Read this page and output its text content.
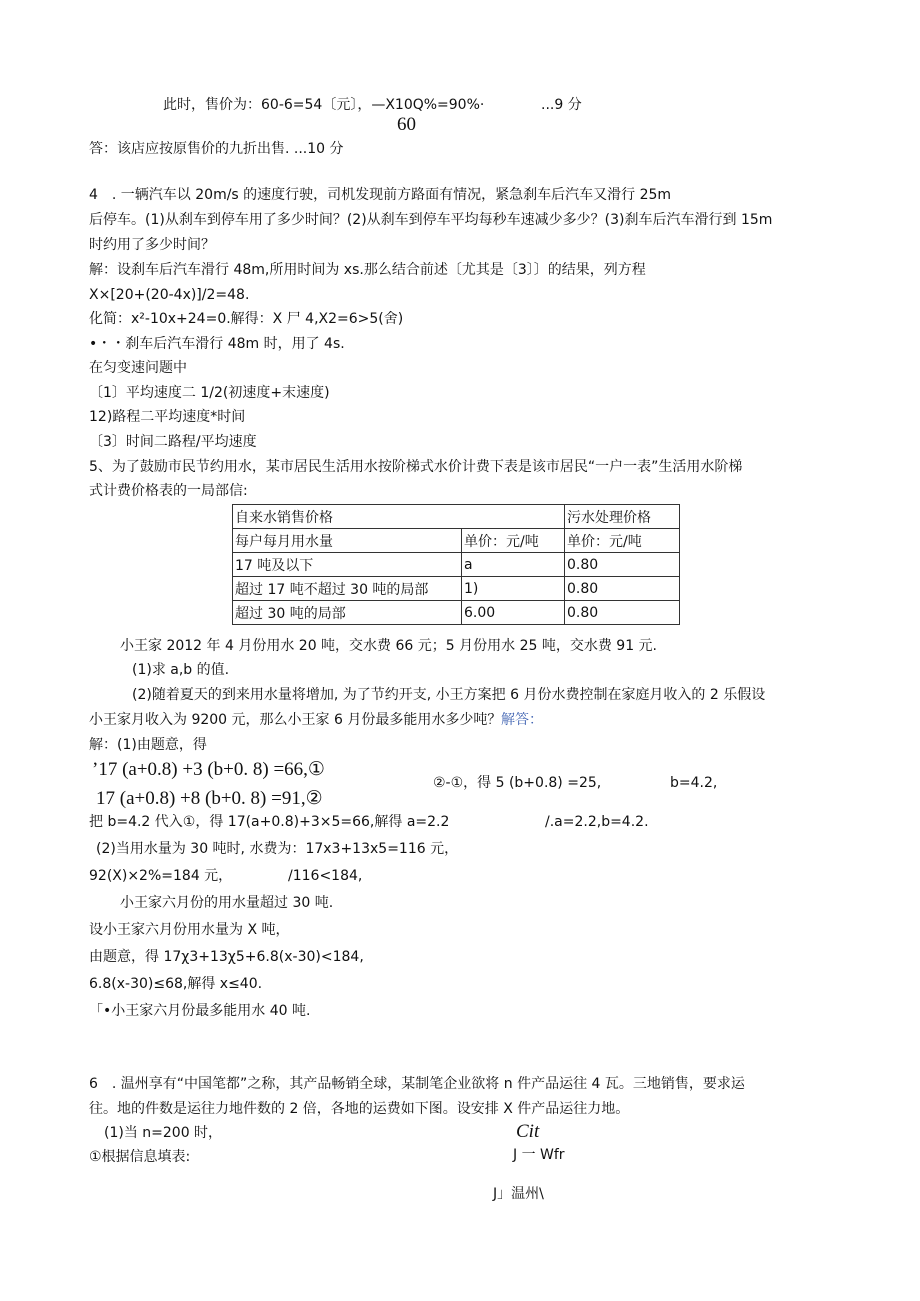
此时，售价为：60-6=54〔元〕，—X10Q%=90%·	...9 分
60
答：该店应按原售价的九折出售. ...10 分
4　. 一辆汽车以 20m/s 的速度行驶，司机发现前方路面有情况，紧急刹车后汽车又滑行 25m
后停车。(1)从刹车到停车用了多少时间？(2)从刹车到停车平均每秒车速减少多少？(3)刹车后汽车滑行到 15m
时约用了多少时间？
解：设刹车后汽车滑行 48m,所用时间为 xs.那么结合前述〔尤其是〔3〕〕的结果，列方程
X×[20+(20-4x)]/2=48.
化简：x²-10x+24=0.解得：X 尸 4,X2=6>5(舍)
•・・刹车后汽车滑行 48m 时，用了 4s.
在匀变速问题中
〔1〕平均速度二 1/2(初速度+末速度)
12)路程二平均速度*时间
〔3〕时间二路程/平均速度
5、为了鼓励市民节约用水，某市居民生活用水按阶梯式水价计费下表是该市居民“一户一表”生活用水阶梯
式计费价格表的一局部信:
自来水销售价格		污水处理价格
每户每月用水量	单价：元/吨	单价：元/吨
17 吨及以下	a	0.80
超过 17 吨不超过 30 吨的局部	1)	0.80
超过 30 吨的局部	6.00	0.80
小王家 2012 年 4 月份用水 20 吨，交水费 66 元；5 月份用水 25 吨，交水费 91 元.
(1)求 a,b 的值.
(2)随着夏天的到来用水量将增加, 为了节约开支, 小王方案把 6 月份水费控制在家庭月收入的 2 乐假设
小王家月收入为 9200 元，那么小王家 6 月份最多能用水多少吨？ 解答：
解：(1)由题意，得
’17 (a+0.8) +3 (b+0. 8) =66,①
②-①，得 5 (b+0.8) =25,	b=4.2,
17 (a+0.8) +8 (b+0. 8) =91,②
把 b=4.2 代入①，得 17(a+0.8)+3×5=66,解得 a=2.2	/.a=2.2,b=4.2.
(2)当用水量为 30 吨时, 水费为：17x3+13x5=116 元，
92(X)×2%=184 元，	/116<184,
小王家六月份的用水量超过 30 吨.
设小王家六月份用水量为 X 吨，
由题意，得 17χ3+13χ5+6.8(x-30)<184,
6.8(x-30)≤68,解得 x≤40.
「•小王家六月份最多能用水 40 吨.
6　. 温州享有“中国笔都”之称，其产品畅销全球，某制笔企业欲将 n 件产品运往 4 瓦。三地销售，要求运
往。地的件数是运往力地件数的 2 倍，各地的运费如下图。设安排 X 件产品运往力地。
(1)当 n=200 时，	Cit
①根据信息填表:	J 一 Wfr
J」温州\
